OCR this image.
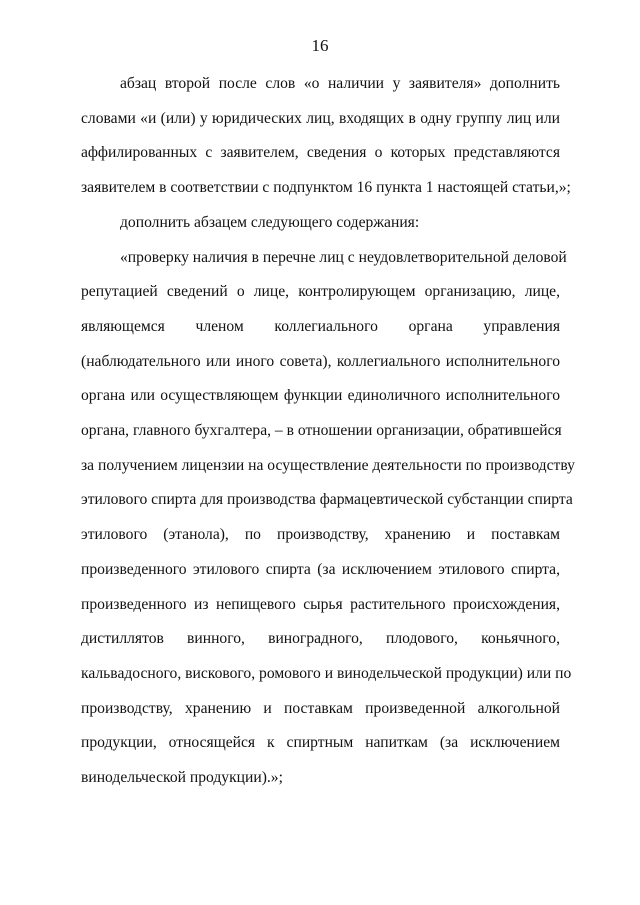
16

абзац второй после слов «о наличии у заявителя» дополнить
словами «и (или) у юридических лиц, входящих в одну группу лиц или
аффилированных с заявителем, сведения о которых представляются
заявителем в соответствии с подпунктом 16 пункта 1 настоящей статьи,»;

дополнить абзацем следующего содержания:

«проверку наличия в перечне лиц с неудовлетворительной деловой
репутацией сведений о лице, контролирующем организацию, лице,
являющемся членом коллегиального органа управления
(наблюдательного или иного совета), коллегиального исполнительного
органа или осуществляющем функции единоличного исполнительного
органа, главного бухгалтера, – в отношении организации, обратившейся
за получением лицензии на осуществление деятельности по производству
этилового спирта для производства фармацевтической субстанции спирта
этилового (этанола), по производству, хранению и поставкам
произведенного этилового спирта (за исключением этилового спирта,
произведенного из непищевого сырья растительного происхождения,
дистиллятов винного, виноградного, плодового, коньячного,
кальвадосного, вискового, ромового и винодельческой продукции) или по
производству, хранению и поставкам произведенной алкогольной
продукции, относящейся к спиртным напиткам (за исключением
винодельческой продукции).»;
